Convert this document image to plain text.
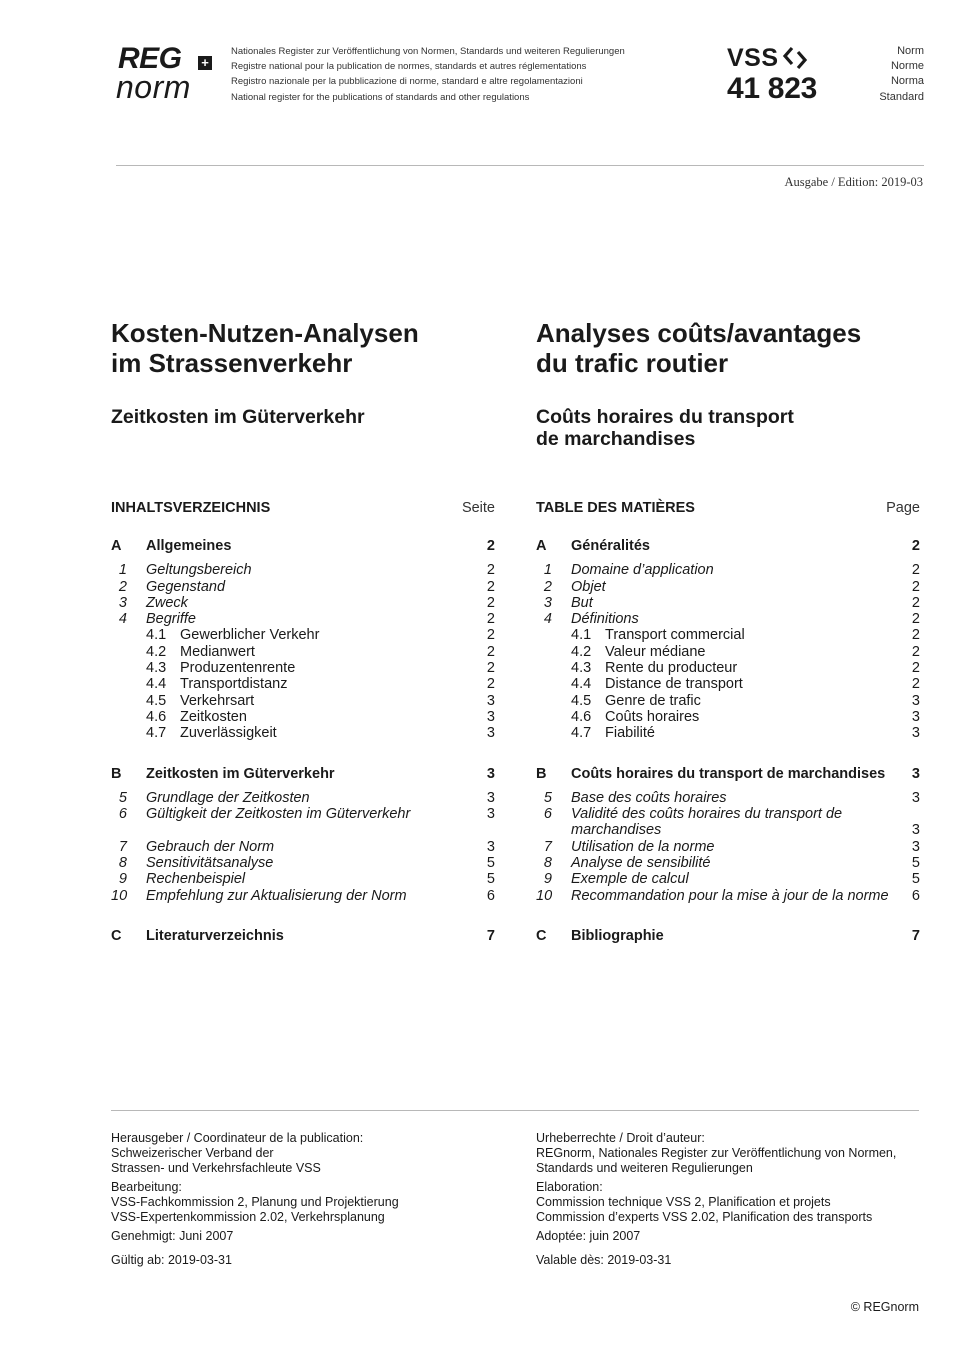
REG +
norm
Nationales Register zur Veröffentlichung von Normen, Standards und weiteren Regulierungen
Registre national pour la publication de normes, standards et autres réglementations
Registro nazionale per la pubblicazione di norme, standard e altre regolamentazioni
National register for the publications of standards and other regulations
VSS
41 823
Norm
Norme
Norma
Standard
Ausgabe / Edition: 2019-03
Kosten-Nutzen-Analysen
im Strassenverkehr
Zeitkosten im Güterverkehr
INHALTSVERZEICHNIS	Seite
A	Allgemeines	2
1 Geltungsbereich	2
2 Gegenstand	2
3 Zweck	2
4 Begriffe	2
4.1 Gewerblicher Verkehr	2
4.2 Medianwert	2
4.3 Produzentenrente	2
4.4 Transportdistanz	2
4.5 Verkehrsart	3
4.6 Zeitkosten	3
4.7 Zuverlässigkeit	3
B	Zeitkosten im Güterverkehr	3
5 Grundlage der Zeitkosten	3
6 Gültigkeit der Zeitkosten im Güterverkehr	3
7 Gebrauch der Norm	3
8 Sensitivitätsanalyse	5
9 Rechenbeispiel	5
10 Empfehlung zur Aktualisierung der Norm	6
C	Literaturverzeichnis	7
Analyses coûts/avantages
du trafic routier
Coûts horaires du transport
de marchandises
TABLE DES MATIÈRES	Page
A	Généralités	2
1 Domaine d’application	2
2 Objet	2
3 But	2
4 Définitions	2
4.1 Transport commercial	2
4.2 Valeur médiane	2
4.3 Rente du producteur	2
4.4 Distance de transport	2
4.5 Genre de trafic	3
4.6 Coûts horaires	3
4.7 Fiabilité	3
B	Coûts horaires du transport de marchandises 3
5 Base des coûts horaires	3
6 Validité des coûts horaires du transport de marchandises	3
7 Utilisation de la norme	3
8 Analyse de sensibilité	5
9 Exemple de calcul	5
10 Recommandation pour la mise à jour de la norme 6
C	Bibliographie	7

Herausgeber / Coordinateur de la publication:
Schweizerischer Verband der
Strassen- und Verkehrsfachleute VSS

Bearbeitung:
VSS-Fachkommission 2, Planung und Projektierung
VSS-Expertenkommission 2.02, Verkehrsplanung

Genehmigt: Juni 2007

Gültig ab: 2019-03-31

Urheberrechte / Droit d’auteur:
REGnorm, Nationales Register zur Veröffentlichung von Normen,
Standards und weiteren Regulierungen

Elaboration:
Commission technique VSS 2, Planification et projets
Commission d’experts VSS 2.02, Planification des transports

Adoptée: juin 2007

Valable dès: 2019-03-31

© REGnorm
